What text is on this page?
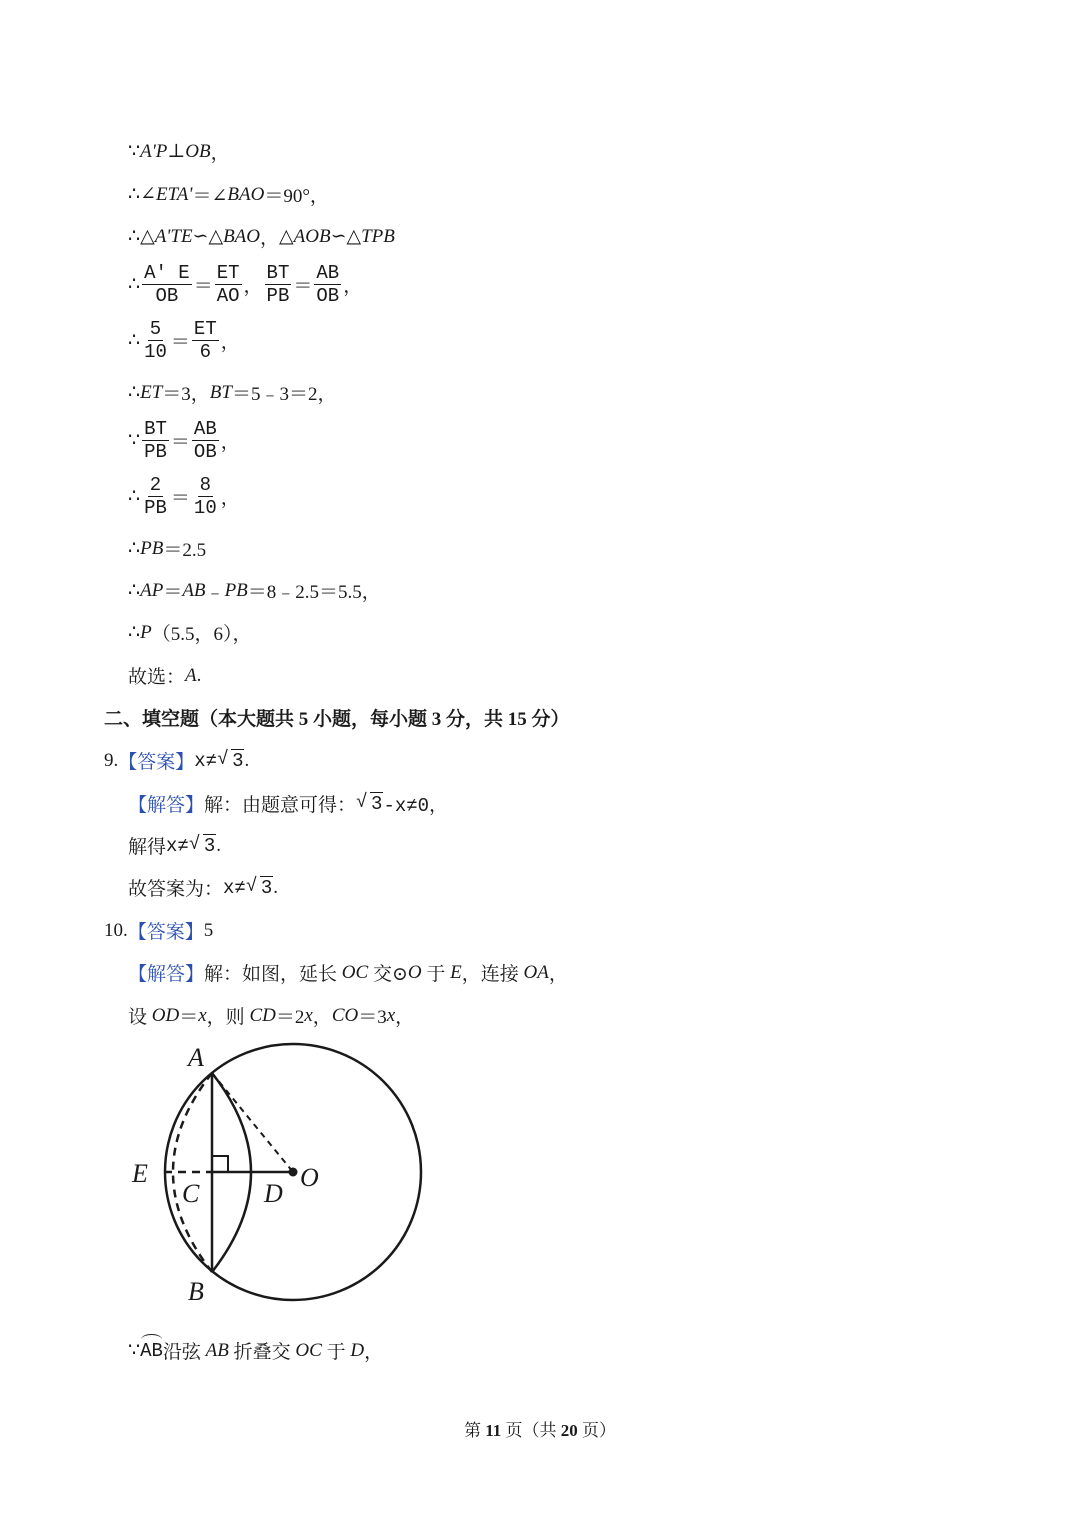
∵ A'P ⊥ OB ，
∴ ∠ETA' ＝∠ BAO ＝90°，
∴ △A'TE∽△BAO ， △AOB∽△TPB
∴ $\frac{A' E}{OB} = \frac{ET}{AO}$ ， $\frac{BT}{PB} = \frac{AB}{OB}$ ，
∴ $\frac{5}{10} = \frac{ET}{6}$ ，
∴ ET ＝3， BT ＝5﹣3＝2，
∵ $\frac{BT}{PB} = \frac{AB}{OB}$ ，
∴ $\frac{2}{PB} = \frac{8}{10}$ ，
∴ PB ＝2.5
∴ AP ＝ AB ﹣ PB ＝8﹣2.5＝5.5，
∴ P （5.5，6），
故选： A .
二、填空题（本大题共 5 小题，每小题 3 分，共 15 分）
9. 【答案】 x≠ √ 3 .
【解答】 解：由题意可得： √ 3 -x≠0，
解得 x≠ √ 3 .
故答案为： x≠ √ 3 .
10. 【答案】 5
【解答】 解：如图，延长 OC 交⊙ O 于 E ，连接 OA ，
设 OD ＝ x ，则 CD ＝2 x ， CO ＝3 x ，
A
B
C D
E	O
∵ AB 沿弦 AB 折叠交 OC 于 D ，
第 11 页（共 20 页）
